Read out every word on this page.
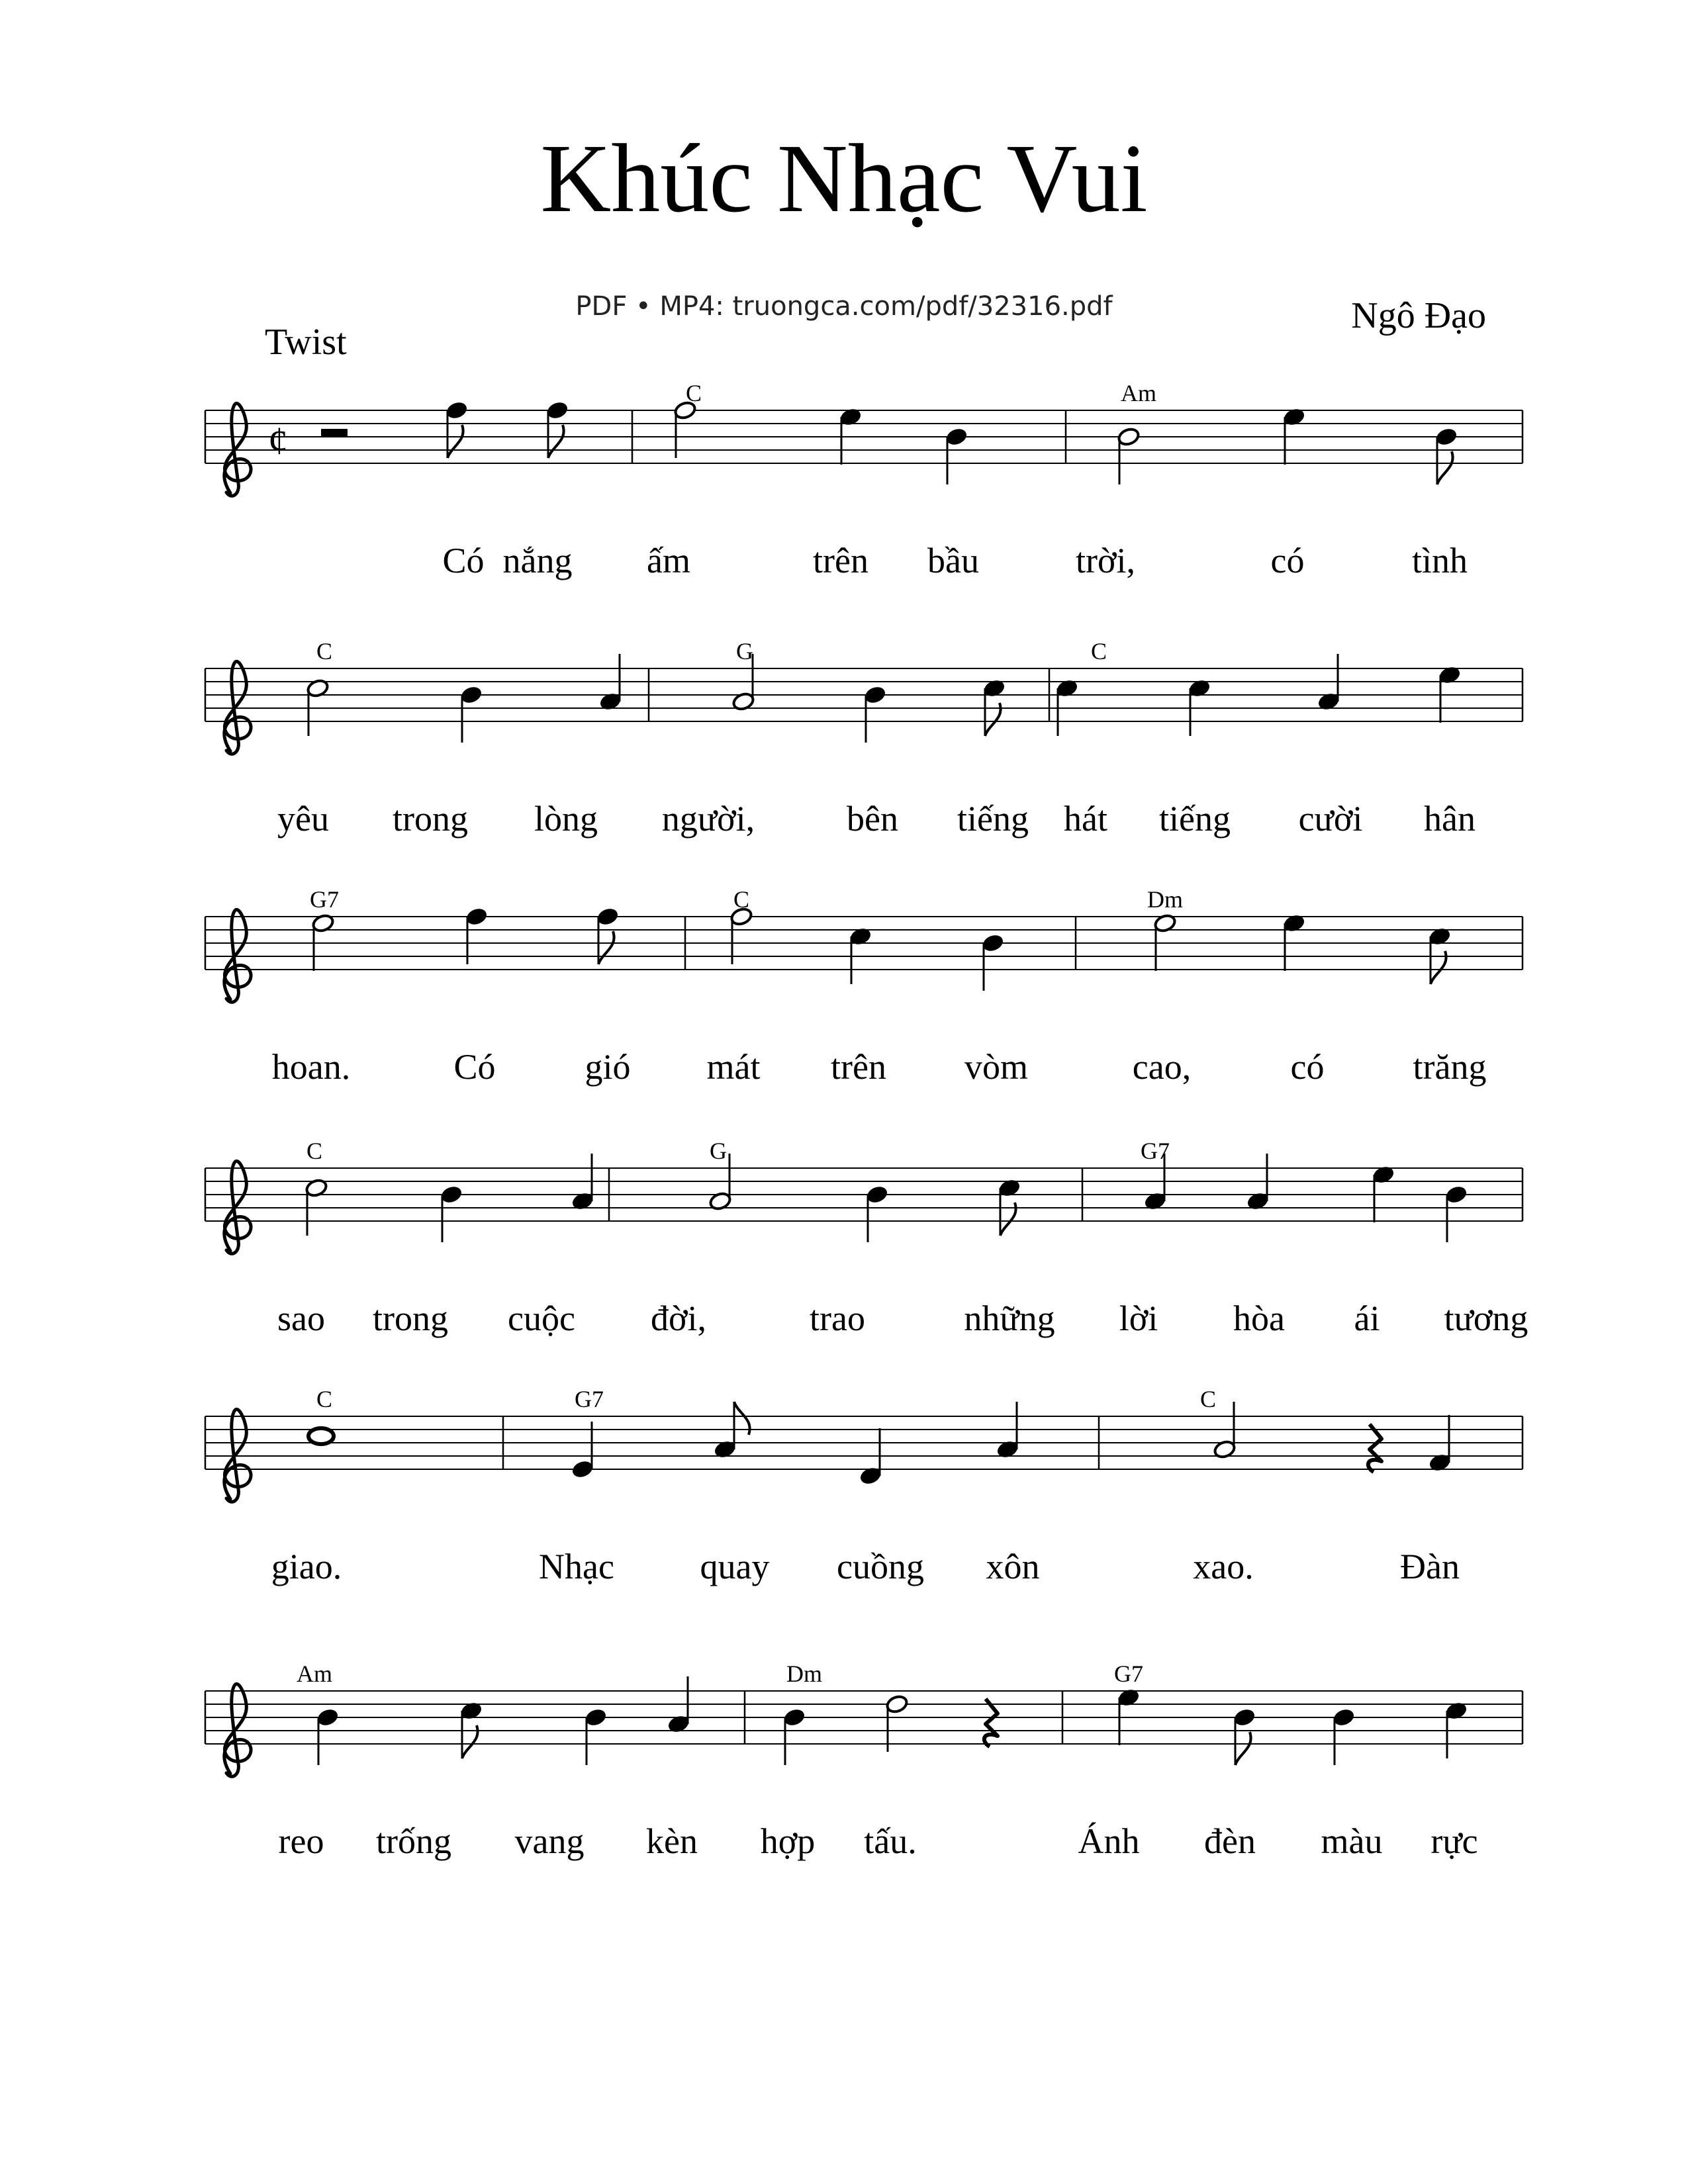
Khúc Nhạc Vui
PDF • MP4: truongca.com/pdf/32316.pdf	Ngô Đạo
Twist
¢
C	Am
Có nắng ấm	trên bầu	trời,	có	tình
C	G	C
yêu trong lòng người,	bên tiếng hát tiếng cười hân
G7	C	Dm
hoan.	Có gió mát trên vòm	cao,	có trăng
C	G	G7
sao trong cuộc đời,	trao	những lời hòa ái tương
C	G7	C
giao.	Nhạc quay cuồng xôn	xao.	Đàn
Am	Dm	G7
reo trống vang kèn hợp tấu.	Ánh đèn màu rực
